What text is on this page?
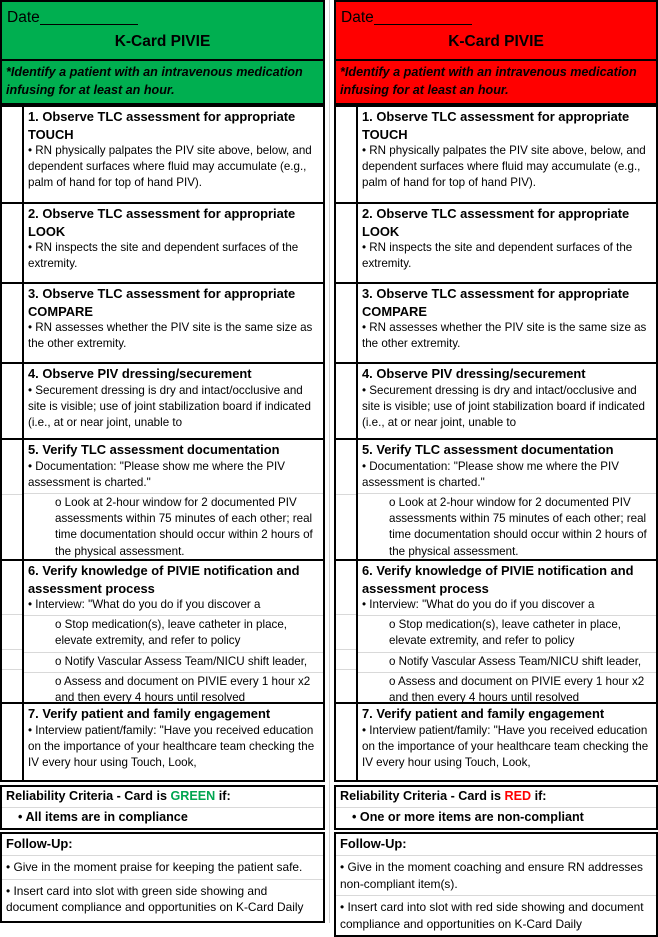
Date
K-Card PIVIE
*Identify a patient with an intravenous medication infusing for at least an hour.

1. Observe TLC assessment for appropriate TOUCH

• RN physically palpates the PIV site above, below, and dependent surfaces where fluid may accumulate (e.g., palm of hand for top of hand PIV).

2. Observe TLC assessment for appropriate LOOK

• RN inspects the site and dependent surfaces of the extremity.

3. Observe TLC assessment for appropriate COMPARE

• RN assesses whether the PIV site is the same size as the other extremity.

4. Observe PIV dressing/securement

• Securement dressing is dry and intact/occlusive and site is visible; use of joint stabilization board if indicated (i.e., at or near joint, unable to

5. Verify TLC assessment documentation

• Documentation: "Please show me where the PIV assessment is charted."

o Look at 2-hour window for 2 documented PIV assessments within 75 minutes of each other; real time documentation should occur within 2 hours of the physical assessment.

6. Verify knowledge of PIVIE notification and assessment process

• Interview: "What do you do if you discover a

o Stop medication(s), leave catheter in place, elevate extremity, and refer to policy

o Notify Vascular Assess Team/NICU shift leader,

o Assess and document on PIVIE every 1 hour x2 and then every 4 hours until resolved

7. Verify patient and family engagement

• Interview patient/family: "Have you received education on the importance of your healthcare team checking the IV every hour using Touch, Look,

Reliability Criteria - Card is GREEN if:
• All items are in compliance
Follow-Up:
• Give in the moment praise for keeping the patient safe.
• Insert card into slot with green side showing and document compliance and opportunities on K-Card Daily
Date
K-Card PIVIE
*Identify a patient with an intravenous medication infusing for at least an hour.

1. Observe TLC assessment for appropriate TOUCH

• RN physically palpates the PIV site above, below, and dependent surfaces where fluid may accumulate (e.g., palm of hand for top of hand PIV).

2. Observe TLC assessment for appropriate LOOK

• RN inspects the site and dependent surfaces of the extremity.

3. Observe TLC assessment for appropriate COMPARE

• RN assesses whether the PIV site is the same size as the other extremity.

4. Observe PIV dressing/securement

• Securement dressing is dry and intact/occlusive and site is visible; use of joint stabilization board if indicated (i.e., at or near joint, unable to

5. Verify TLC assessment documentation

• Documentation: "Please show me where the PIV assessment is charted."

o Look at 2-hour window for 2 documented PIV assessments within 75 minutes of each other; real time documentation should occur within 2 hours of the physical assessment.

6. Verify knowledge of PIVIE notification and assessment process

• Interview: "What do you do if you discover a

o Stop medication(s), leave catheter in place, elevate extremity, and refer to policy

o Notify Vascular Assess Team/NICU shift leader,

o Assess and document on PIVIE every 1 hour x2 and then every 4 hours until resolved

7. Verify patient and family engagement

• Interview patient/family: "Have you received education on the importance of your healthcare team checking the IV every hour using Touch, Look,

Reliability Criteria - Card is RED if:
• One or more items are non-compliant
Follow-Up:
• Give in the moment coaching and ensure RN addresses non-compliant item(s).
• Insert card into slot with red side showing and document compliance and opportunities on K-Card Daily
